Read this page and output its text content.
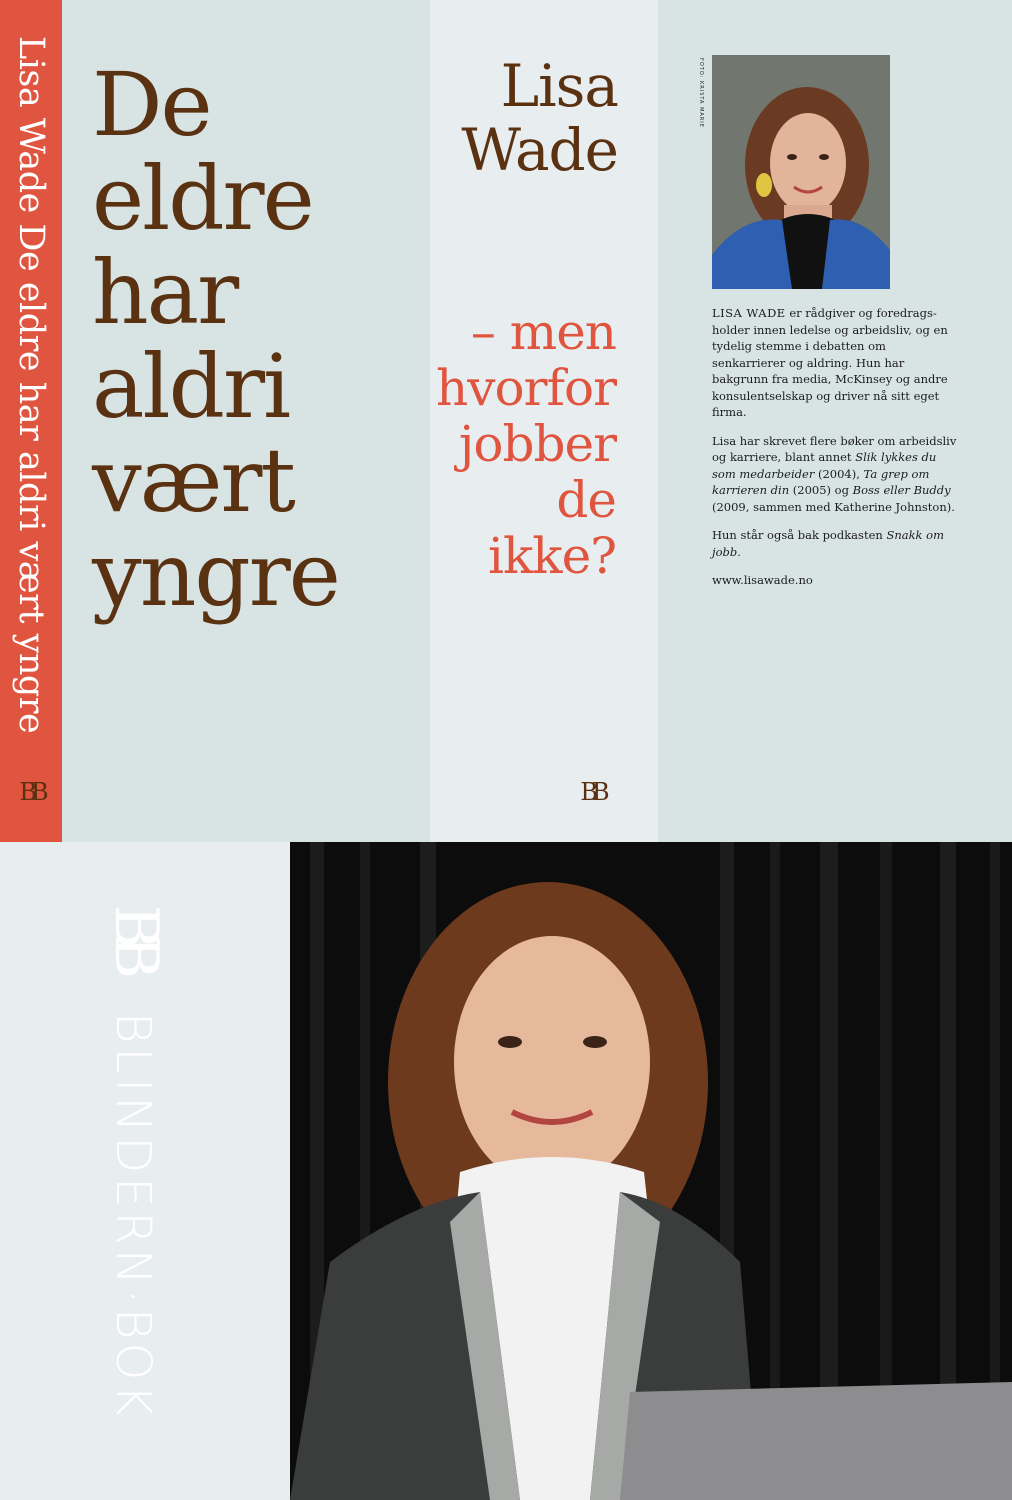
Lisa Wade De eldre har aldri vært yngre
BB
De
eldre
har
aldri
vært
yngre
Lisa
Wade
– men
hvorfor
jobber
de
ikke?
BB
FOTO: KRISTA MARIE

LISA WADE er rådgiver og foredrags-holder innen ledelse og arbeidsliv, og en tydelig stemme i debatten om senkarrierer og aldring. Hun har bakgrunn fra media, McKinsey og andre konsulentselskap og driver nå sitt eget firma.

Lisa har skrevet flere bøker om arbeidsliv og karriere, blant annet Slik lykkes du som medarbeider (2004), Ta grep om karrieren din (2005) og Boss eller Buddy (2009, sammen med Katherine Johnston).

Hun står også bak podkasten Snakk om jobb.

www.lisawade.no

BB
BLINDERN·BOK
